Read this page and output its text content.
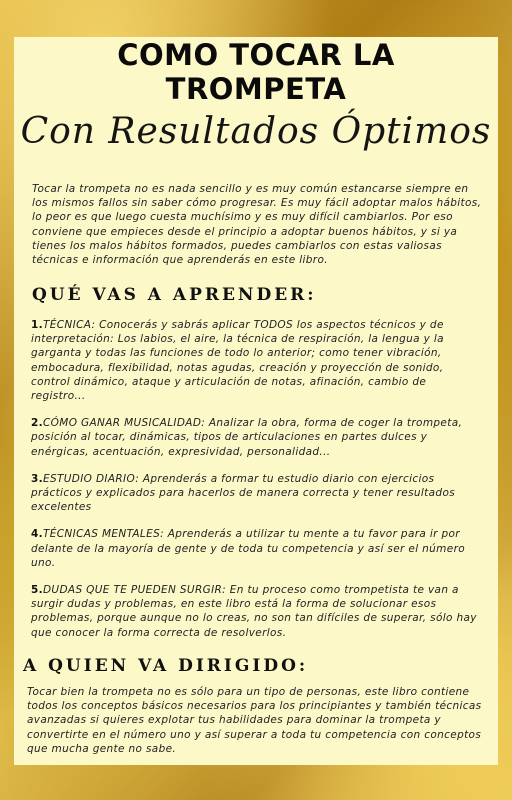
COMO TOCAR LA
TROMPETA

Con Resultados Óptimos

Tocar la trompeta no es nada sencillo y es muy común estancarse siempre en los mismos fallos sin saber cómo progresar. Es muy fácil adoptar malos hábitos, lo peor es que luego cuesta muchísimo y es muy difícil cambiarlos. Por eso conviene que empieces desde el principio a adoptar buenos hábitos, y si ya tienes los malos hábitos formados, puedes cambiarlos con estas valiosas técnicas e información que aprenderás en este libro.

QUÉ VAS A APRENDER:

1.TÉCNICA: Conocerás y sabrás aplicar TODOS los aspectos técnicos y de interpretación: Los labios, el aire, la técnica de respiración, la lengua y la garganta y todas las funciones de todo lo anterior; como tener vibración, embocadura, flexibilidad, notas agudas, creación y proyección de sonido, control dinámico, ataque y articulación de notas, afinación, cambio de registro...

2.CÓMO GANAR MUSICALIDAD: Analizar la obra, forma de coger la trompeta, posición al tocar, dinámicas, tipos de articulaciones en partes dulces y enérgicas, acentuación, expresividad, personalidad...

3.ESTUDIO DIARIO: Aprenderás a formar tu estudio diario con ejercicios prácticos y explicados para hacerlos de manera correcta y tener resultados excelentes

4.TÉCNICAS MENTALES: Aprenderás a utilizar tu mente a tu favor para ir por delante de la mayoría de gente y de toda tu competencia y así ser el número uno.

5.DUDAS QUE TE PUEDEN SURGIR: En tu proceso como trompetista te van a surgir dudas y problemas, en este libro está la forma de solucionar esos problemas, porque aunque no lo creas, no son tan difíciles de superar, sólo hay que conocer la forma correcta de resolverlos.

A QUIEN VA DIRIGIDO:

Tocar bien la trompeta no es sólo para un tipo de personas, este libro contiene todos los conceptos básicos necesarios para los principiantes y también técnicas avanzadas si quieres explotar tus habilidades para dominar la trompeta y convertirte en el número uno y así superar a toda tu competencia con conceptos que mucha gente no sabe.
